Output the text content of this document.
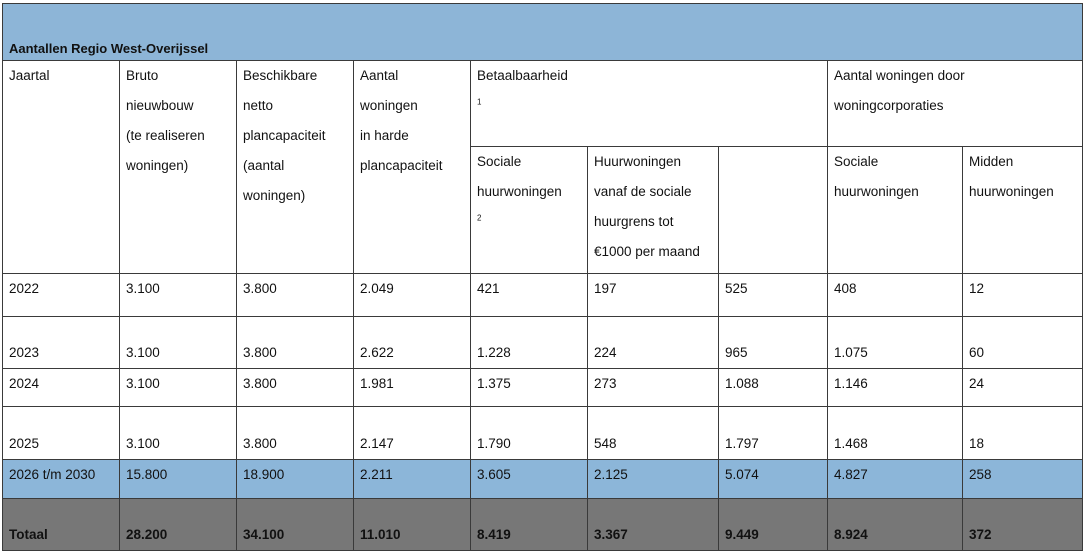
Aantallen Regio West-Overijssel								

Jaartal	Bruto
nieuwbouw
(te realiseren
woningen)	Beschikbare
netto
plancapaciteit
(aantal
woningen)	Aantal
woningen
in harde
plancapaciteit	Betaalbaarheid
$^1$			Aantal woningen door
woningcorporaties	

				Sociale
huurwoningen
$^2$	Huurwoningen
vanaf de sociale
huurgrens tot
€1000 per maand		Sociale
huurwoningen	Midden
huurwoningen

2022	3.100	3.800	2.049	421	197	525	408	12
2023	3.100	3.800	2.622	1.228	224	965	1.075	60
2024	3.100	3.800	1.981	1.375	273	1.088	1.146	24
2025	3.100	3.800	2.147	1.790	548	1.797	1.468	18
2026 t/m 2030	15.800	18.900	2.211	3.605	2.125	5.074	4.827	258
Totaal	28.200	34.100	11.010	8.419	3.367	9.449	8.924	372
